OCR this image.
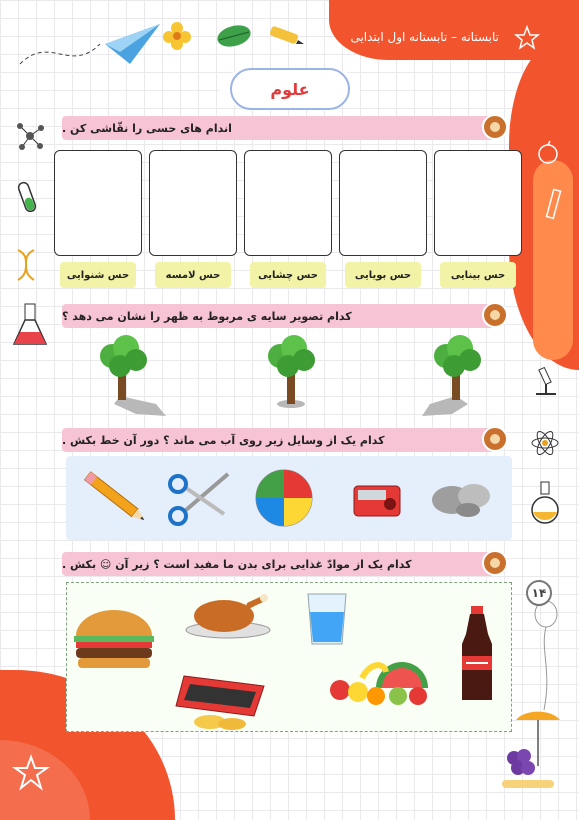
تابستانه – تابستانه اول ابتدایی
علوم
اندام های حسی را نقّاشی کن .
حس بینایی
حس بویایی
حس چشایی
حس لامسه
حس شنوایی
کدام تصویر سایه ی مربوط به ظهر را نشان می دهد ؟
کدام یک از وسایل زیر روی آب می ماند ؟ دور آن خط بکش .
کدام یک از موادّ غذایی برای بدن ما مفید است ؟ زیر آن ☺ بکش .
۱۴
